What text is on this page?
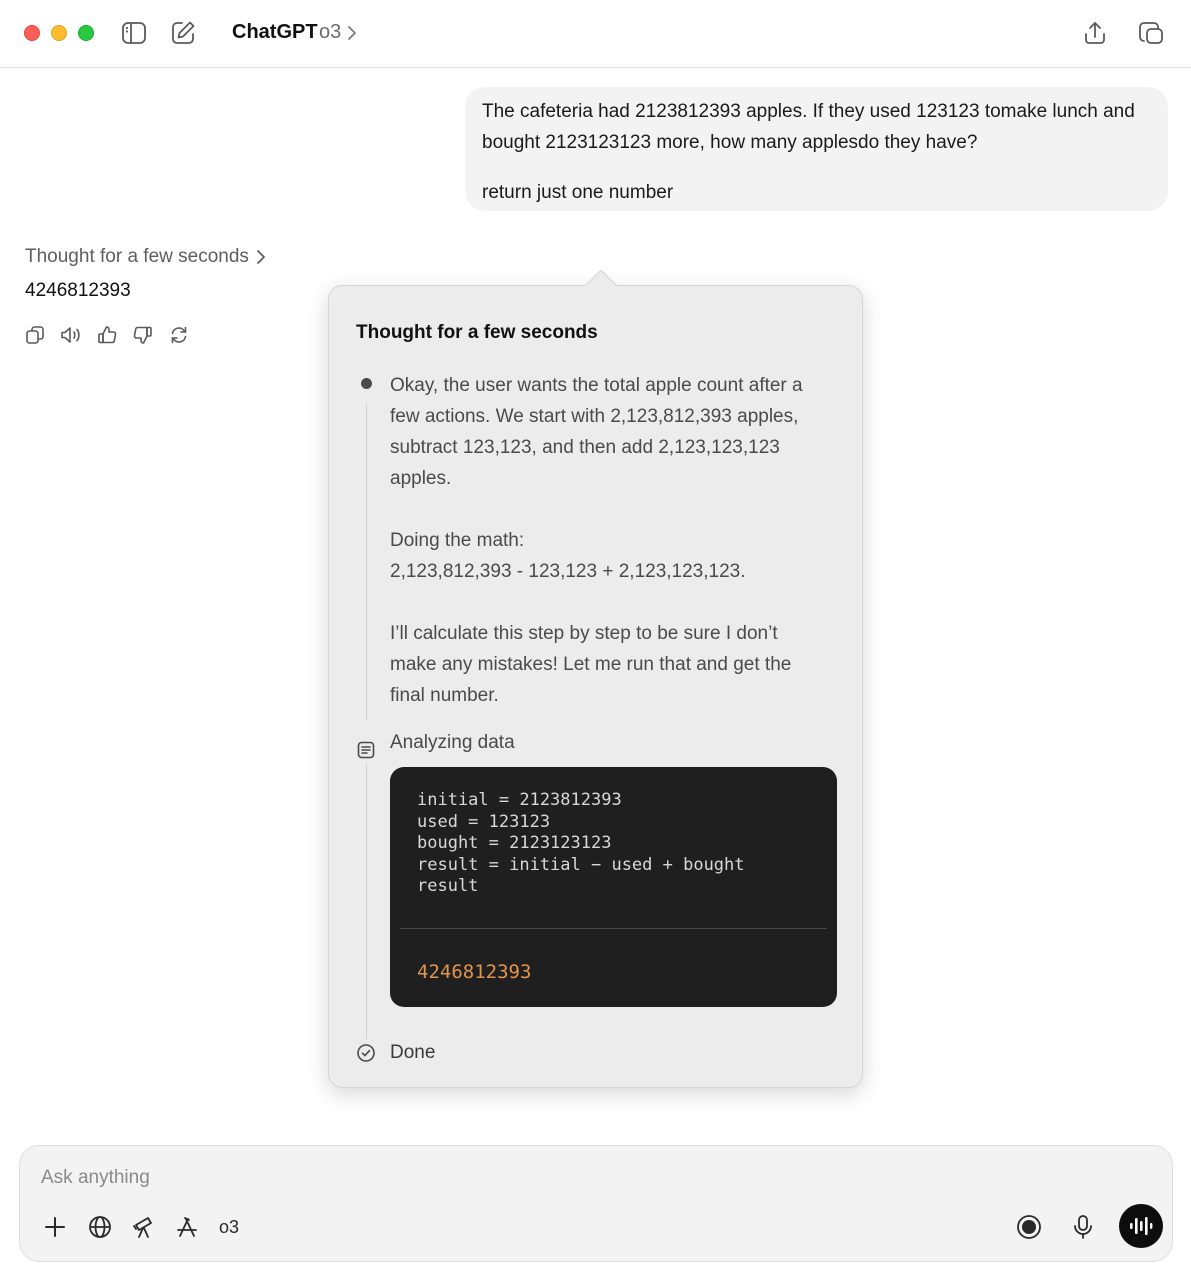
ChatGPT o3

The cafeteria had 2123812393 apples. If they used 123123 tomake lunch and

bought 2123123123 more, how many applesdo they have?

return just one number

Thought for a few seconds
4246812393
Thought for a few seconds

Okay, the user wants the total apple count after a

few actions. We start with 2,123,812,393 apples,

subtract 123,123, and then add 2,123,123,123

apples.

Doing the math:

2,123,812,393 - 123,123 + 2,123,123,123.

I’ll calculate this step by step to be sure I don’t

make any mistakes! Let me run that and get the

final number.

Analyzing data
initial = 2123812393
used = 123123
bought = 2123123123
result = initial − used + bought
result
4246812393
Done
Ask anything
o3
